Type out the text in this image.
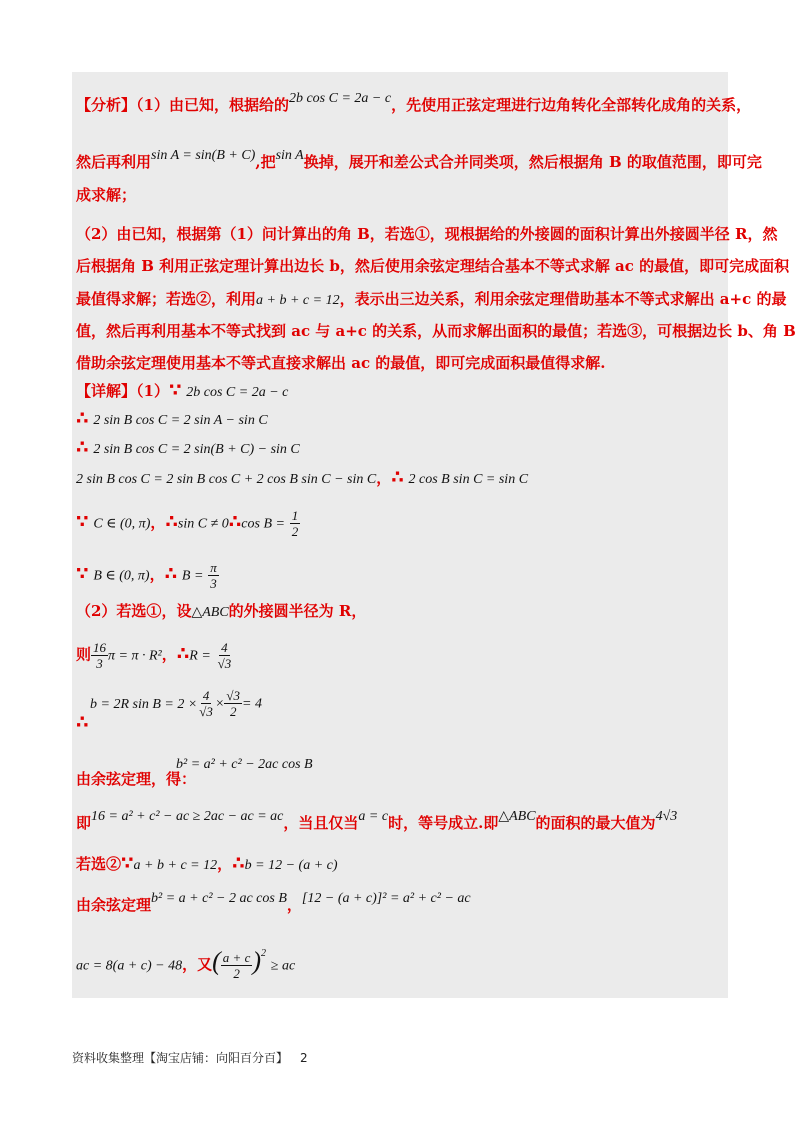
【分析】（1）由已知，根据给的2b cos C = 2a − c，先使用正弦定理进行边角转化全部转化成角的关系，
然后再利用sin A = sin(B + C),把sin A换掉，展开和差公式合并同类项，然后根据角 B 的取值范围，即可完
成求解；
（2）由已知，根据第（1）问计算出的角 B，若选①，现根据给的外接圆的面积计算出外接圆半径 R，然
后根据角 B 利用正弦定理计算出边长 b，然后使用余弦定理结合基本不等式求解 ac 的最值，即可完成面积
最值得求解；若选②，利用a + b + c = 12，表示出三边关系，利用余弦定理借助基本不等式求解出 a+c 的最
值，然后再利用基本不等式找到 ac 与 a+c 的关系，从而求解出面积的最值；若选③，可根据边长 b、角 B
借助余弦定理使用基本不等式直接求解出 ac 的最值，即可完成面积最值得求解.
【详解】（1）∵ 2b cos C = 2a − c
∴ 2 sin B cos C = 2 sin A − sin C
∴ 2 sin B cos C = 2 sin(B + C) − sin C
2 sin B cos C = 2 sin B cos C + 2 cos B sin C − sin C，∴ 2 cos B sin C = sin C
∵ C ∈ (0, π)，∴sin C ≠ 0∴cos $B = \frac{1}{2}$
∵ B ∈ (0, π)，∴ $B = \frac{\pi}{3}$
（2）若选①，设△ABC的外接圆半径为 R，
则 $\frac{16}{3}$ π = π · R²，∴R = $\frac{4}{√3}$
b = 2R $\sin B = 2 \times \frac{4}{√3} \times \frac{√3}{2} = 4$
∴
b² = a² + c² − 2ac cos B
由余弦定理，得：
即16 = a² + c² − ac ≥ 2ac − ac = ac，当且仅当a = c时，等号成立.即△ABC的面积的最大值为4√3
若选②∵a + b + c = 12，∴b = 12 − (a + c)
由余弦定理b² = a + c² − 2 ac cos B，[12 − (a + c)]² = a² + c² − ac
ac = 8(a + c) − 48，又( $\frac{a + c}{2} )^2$ ≥ ac
资料收集整理【淘宝店铺：向阳百分百】 2
